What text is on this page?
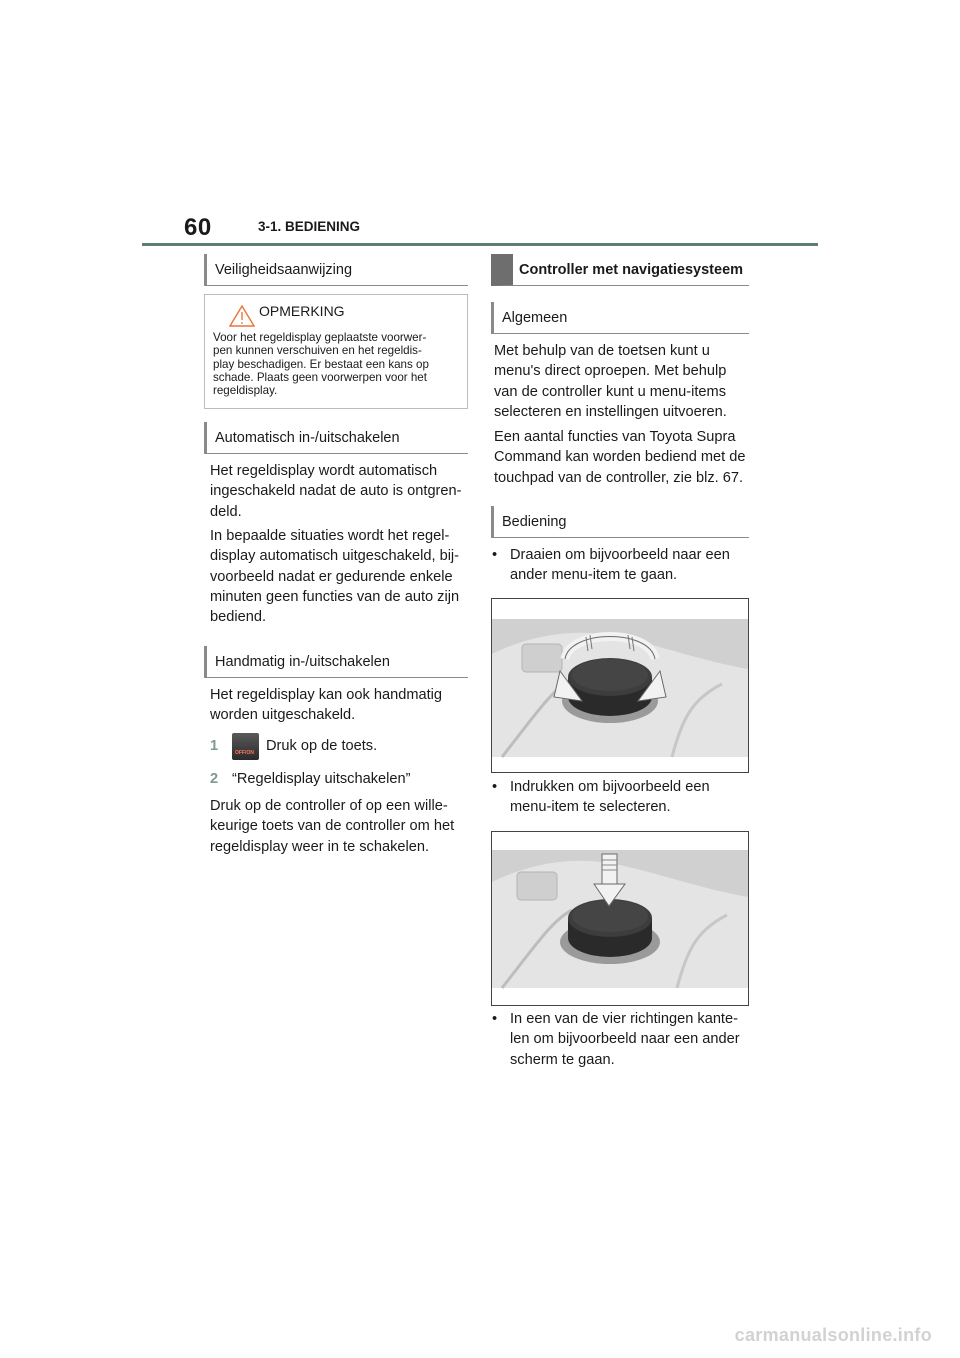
60	3-1. BEDIENING
Veiligheidsaanwijzing
OPMERKING
Voor het regeldisplay geplaatste voorwer-
pen kunnen verschuiven en het regeldis-
play beschadigen. Er bestaat een kans op
schade. Plaats geen voorwerpen voor het
regeldisplay.
Automatisch in-/uitschakelen
Het regeldisplay wordt automatisch
ingeschakeld nadat de auto is ontgren-
deld.
In bepaalde situaties wordt het regel-
display automatisch uitgeschakeld, bij-
voorbeeld nadat er gedurende enkele
minuten geen functies van de auto zijn
bediend.
Handmatig in-/uitschakelen
Het regeldisplay kan ook handmatig
worden uitgeschakeld.
1	OFF/ON Druk op de toets.
2 “Regeldisplay uitschakelen”
Druk op de controller of op een wille-
keurige toets van de controller om het
regeldisplay weer in te schakelen.
Controller met navigatiesysteem
Algemeen
Met behulp van de toetsen kunt u
menu's direct oproepen. Met behulp
van de controller kunt u menu-items
selecteren en instellingen uitvoeren.
Een aantal functies van Toyota Supra
Command kan worden bediend met de
touchpad van de controller, zie blz. 67.
Bediening
• Draaien om bijvoorbeeld naar een
ander menu-item te gaan.
• Indrukken om bijvoorbeeld een
menu-item te selecteren.
• In een van de vier richtingen kante-
len om bijvoorbeeld naar een ander
scherm te gaan.
carmanualsonline.info
